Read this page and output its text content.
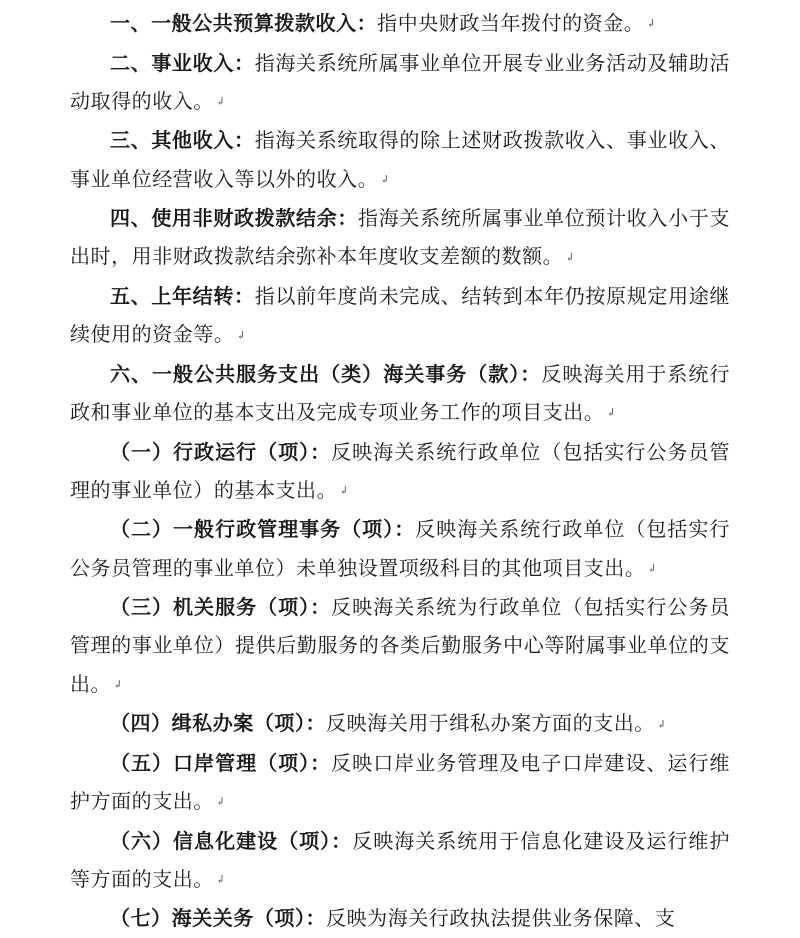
一、一般公共预算拨款收入：指中央财政当年拨付的资金。 ↲

二、事业收入：指海关系统所属事业单位开展专业业务活动及辅助活动取得的收入。 ↲

三、其他收入：指海关系统取得的除上述财政拨款收入、事业收入、事业单位经营收入等以外的收入。 ↲

四、使用非财政拨款结余：指海关系统所属事业单位预计收入小于支出时，用非财政拨款结余弥补本年度收支差额的数额。 ↲

五、上年结转：指以前年度尚未完成、结转到本年仍按原规定用途继续使用的资金等。 ↲

六、一般公共服务支出（类）海关事务（款）：反映海关用于系统行政和事业单位的基本支出及完成专项业务工作的项目支出。 ↲

（一）行政运行（项）：反映海关系统行政单位（包括实行公务员管理的事业单位）的基本支出。 ↲

（二）一般行政管理事务（项）：反映海关系统行政单位（包括实行公务员管理的事业单位）未单独设置项级科目的其他项目支出。 ↲

（三）机关服务（项）：反映海关系统为行政单位（包括实行公务员管理的事业单位）提供后勤服务的各类后勤服务中心等附属事业单位的支出。 ↲

（四）缉私办案（项）：反映海关用于缉私办案方面的支出。 ↲

（五）口岸管理（项）：反映口岸业务管理及电子口岸建设、运行维护方面的支出。 ↲

（六）信息化建设（项）：反映海关系统用于信息化建设及运行维护等方面的支出。 ↲

（七）海关关务（项）：反映为海关行政执法提供业务保障、支
